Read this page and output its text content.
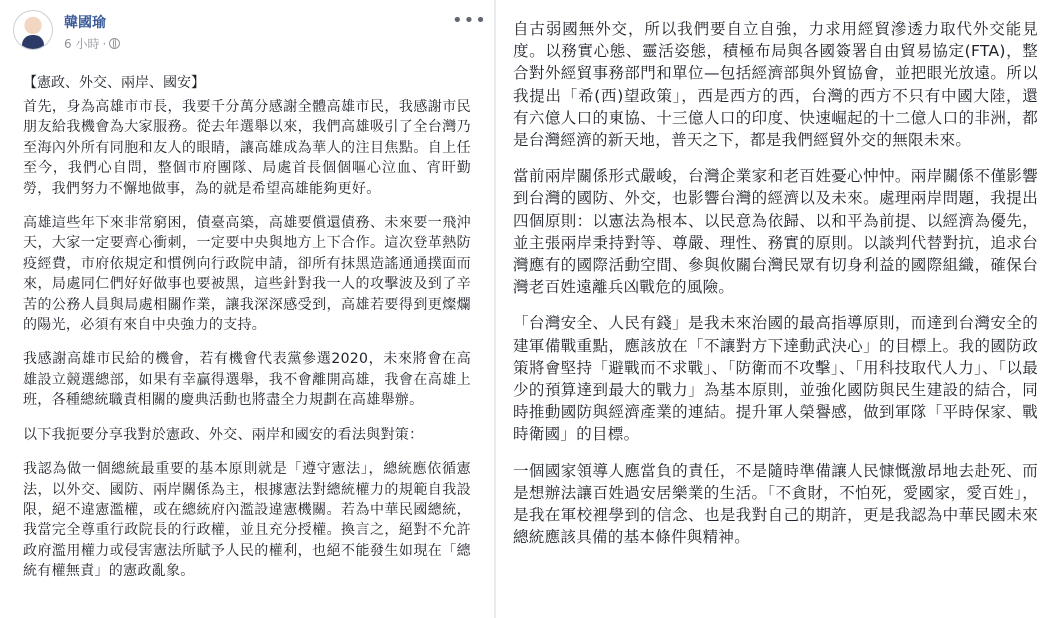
韓國瑜
6 小時 ·
•••
【憲政、外交、兩岸、國安】

首先，身為高雄市市長，我要千分萬分感謝全體高雄市民，我感謝市民朋友給我機會為大家服務。從去年選舉以來，我們高雄吸引了全台灣乃至海內外所有同胞和友人的眼睛，讓高雄成為華人的注目焦點。自上任至今，我們心自問，整個市府團隊、局處首長個個嘔心泣血、宵旰勤勞，我們努力不懈地做事，為的就是希望高雄能夠更好。

高雄這些年下來非常窮困，債臺高築，高雄要償還債務、未來要一飛沖天，大家一定要齊心衝刺，一定要中央與地方上下合作。這次登革熱防疫經費，市府依規定和慣例向行政院申請，卻所有抹黑造謠通通撲面而來，局處同仁們好好做事也要被黑，這些針對我一人的攻擊波及到了辛苦的公務人員與局處相關作業，讓我深深感受到，高雄若要得到更燦爛的陽光，必須有來自中央強力的支持。

我感謝高雄市民給的機會，若有機會代表黨參選2020，未來將會在高雄設立競選總部，如果有幸贏得選舉，我不會離開高雄，我會在高雄上班，各種總統職責相關的慶典活動也將盡全力規劃在高雄舉辦。

以下我扼要分享我對於憲政、外交、兩岸和國安的看法與對策：

我認為做一個總統最重要的基本原則就是「遵守憲法」，總統應依循憲法，以外交、國防、兩岸關係為主，根據憲法對總統權力的規範自我設限，絕不違憲濫權，或在總統府內濫設違憲機關。若為中華民國總統，我當完全尊重行政院長的行政權，並且充分授權。換言之，絕對不允許政府濫用權力或侵害憲法所賦予人民的權利，也絕不能發生如現在「總統有權無責」的憲政亂象。

自古弱國無外交，所以我們要自立自強，力求用經貿滲透力取代外交能見度。以務實心態、靈活姿態，積極布局與各國簽署自由貿易協定(FTA)，整合對外經貿事務部門和單位—包括經濟部與外貿協會，並把眼光放遠。所以我提出「希(西)望政策」，西是西方的西，台灣的西方不只有中國大陸，還有六億人口的東協、十三億人口的印度、快速崛起的十二億人口的非洲，都是台灣經濟的新天地，普天之下，都是我們經貿外交的無限未來。

當前兩岸關係形式嚴峻，台灣企業家和老百姓憂心忡忡。兩岸關係不僅影響到台灣的國防、外交，也影響台灣的經濟以及未來。處理兩岸問題，我提出四個原則：以憲法為根本、以民意為依歸、以和平為前提、以經濟為優先，並主張兩岸秉持對等、尊嚴、理性、務實的原則。以談判代替對抗，追求台灣應有的國際活動空間、參與攸關台灣民眾有切身利益的國際組織，確保台灣老百姓遠離兵凶戰危的風險。

「台灣安全、人民有錢」是我未來治國的最高指導原則，而達到台灣安全的建軍備戰重點，應該放在「不讓對方下達動武決心」的目標上。我的國防政策將會堅持「避戰而不求戰」、「防衛而不攻擊」、「用科技取代人力」、「以最少的預算達到最大的戰力」為基本原則，並強化國防與民生建設的結合，同時推動國防與經濟產業的連結。提升軍人榮譽感，做到軍隊「平時保家、戰時衛國」的目標。

一個國家領導人應當負的責任，不是隨時準備讓人民慷慨激昂地去赴死、而是想辦法讓百姓過安居樂業的生活。「不貪財，不怕死，愛國家，愛百姓」，是我在軍校裡學到的信念、也是我對自己的期許，更是我認為中華民國未來總統應該具備的基本條件與精神。
